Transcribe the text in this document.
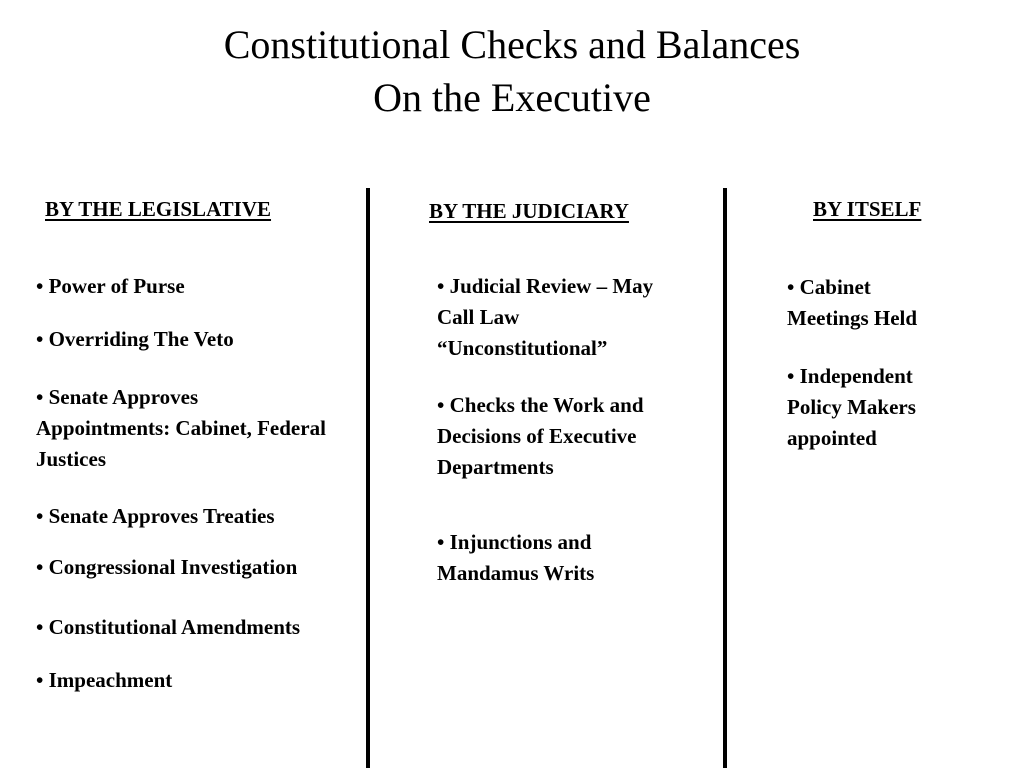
Constitutional Checks and Balances
On the Executive
BY THE LEGISLATIVE

• Power of Purse

• Overriding The Veto

• Senate Approves Appointments: Cabinet, Federal Justices

• Senate Approves Treaties

• Congressional Investigation

• Constitutional Amendments

• Impeachment

BY THE JUDICIARY

• Judicial Review – May Call Law “Unconstitutional”

• Checks the Work and Decisions of Executive Departments

• Injunctions and Mandamus Writs

BY ITSELF

• Cabinet Meetings Held

• Independent Policy Makers appointed
